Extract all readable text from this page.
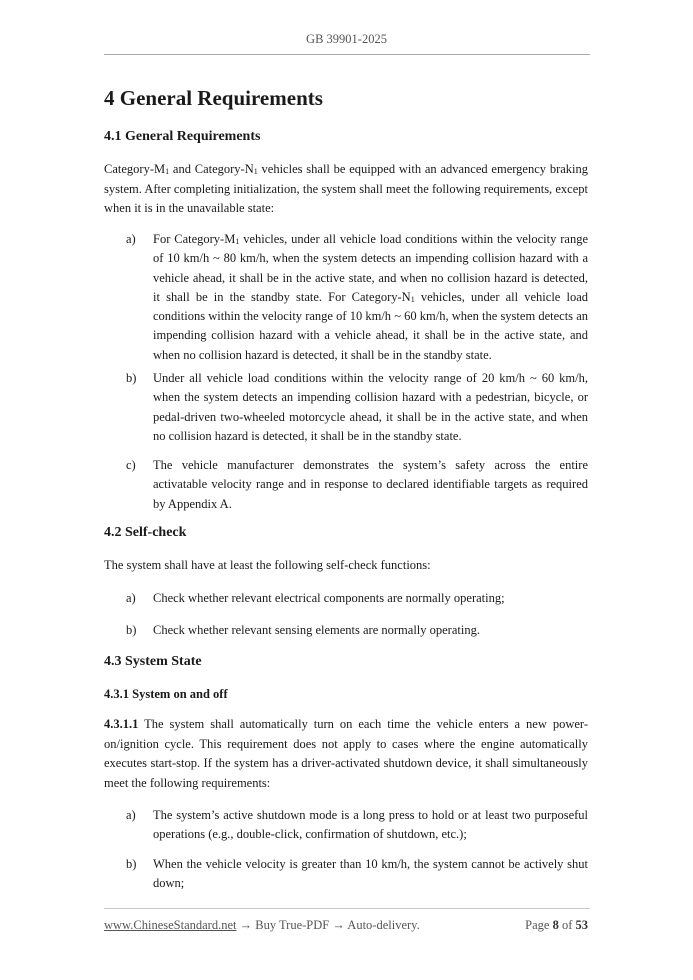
GB 39901-2025
4 General Requirements
4.1 General Requirements
Category-$M_1$ and Category-$N_1$ vehicles shall be equipped with an advanced emergency braking system. After completing initialization, the system shall meet the following requirements, except when it is in the unavailable state:
a) For Category-$M_1$ vehicles, under all vehicle load conditions within the velocity range of 10 km/h ~ 80 km/h, when the system detects an impending collision hazard with a vehicle ahead, it shall be in the active state, and when no collision hazard is detected, it shall be in the standby state. For Category-$N_1$ vehicles, under all vehicle load conditions within the velocity range of 10 km/h ~ 60 km/h, when the system detects an impending collision hazard with a vehicle ahead, it shall be in the active state, and when no collision hazard is detected, it shall be in the standby state.
b) Under all vehicle load conditions within the velocity range of 20 km/h ~ 60 km/h, when the system detects an impending collision hazard with a pedestrian, bicycle, or pedal-driven two-wheeled motorcycle ahead, it shall be in the active state, and when no collision hazard is detected, it shall be in the standby state.
c) The vehicle manufacturer demonstrates the system’s safety across the entire activatable velocity range and in response to declared identifiable targets as required by Appendix A.
4.2 Self-check
The system shall have at least the following self-check functions:
a) Check whether relevant electrical components are normally operating;
b) Check whether relevant sensing elements are normally operating.
4.3 System State
4.3.1 System on and off
4.3.1.1 The system shall automatically turn on each time the vehicle enters a new power-on/ignition cycle. This requirement does not apply to cases where the engine automatically executes start-stop. If the system has a driver-activated shutdown device, it shall simultaneously meet the following requirements:
a) The system’s active shutdown mode is a long press to hold or at least two purposeful operations (e.g., double-click, confirmation of shutdown, etc.);
b) When the vehicle velocity is greater than 10 km/h, the system cannot be actively shut down;
www.ChineseStandard.net → Buy True-PDF → Auto-delivery.	Page 8 of 53
